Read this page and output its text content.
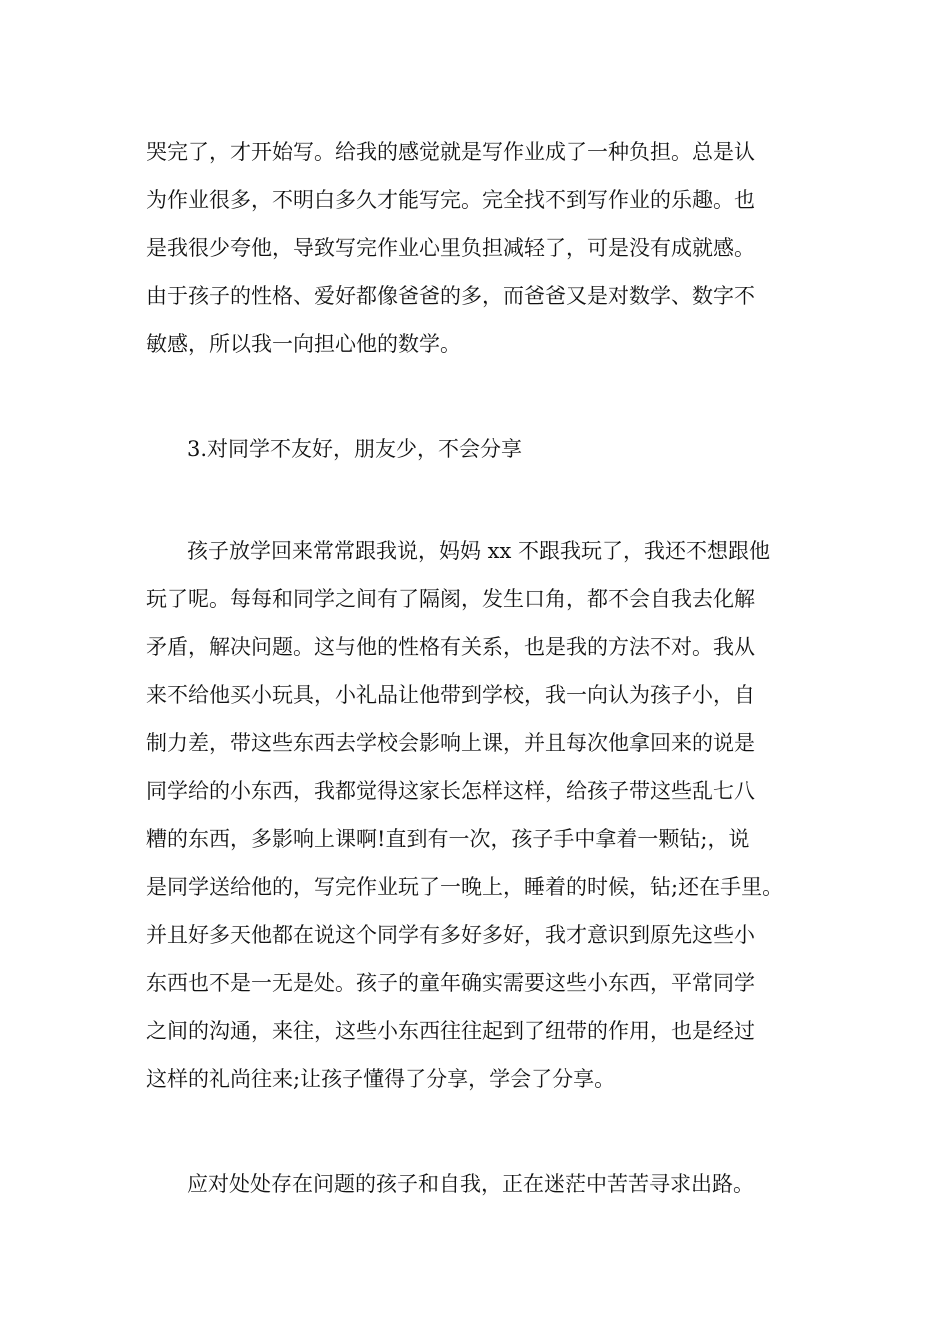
哭完了，才开始写。给我的感觉就是写作业成了一种负担。总是认

为作业很多，不明白多久才能写完。完全找不到写作业的乐趣。也

是我很少夸他，导致写完作业心里负担减轻了，可是没有成就感。

由于孩子的性格、爱好都像爸爸的多，而爸爸又是对数学、数字不

敏感，所以我一向担心他的数学。

3.对同学不友好，朋友少，不会分享

孩子放学回来常常跟我说，妈妈 xx 不跟我玩了，我还不想跟他

玩了呢。每每和同学之间有了隔阂，发生口角，都不会自我去化解

矛盾，解决问题。这与他的性格有关系，也是我的方法不对。我从

来不给他买小玩具，小礼品让他带到学校，我一向认为孩子小，自

制力差，带这些东西去学校会影响上课，并且每次他拿回来的说是

同学给的小东西，我都觉得这家长怎样这样，给孩子带这些乱七八

糟的东西，多影响上课啊!直到有一次，孩子手中拿着一颗钻;，说

是同学送给他的，写完作业玩了一晚上，睡着的时候，钻;还在手里。

并且好多天他都在说这个同学有多好多好，我才意识到原先这些小

东西也不是一无是处。孩子的童年确实需要这些小东西，平常同学

之间的沟通，来往，这些小东西往往起到了纽带的作用，也是经过

这样的礼尚往来;让孩子懂得了分享，学会了分享。

应对处处存在问题的孩子和自我，正在迷茫中苦苦寻求出路。
